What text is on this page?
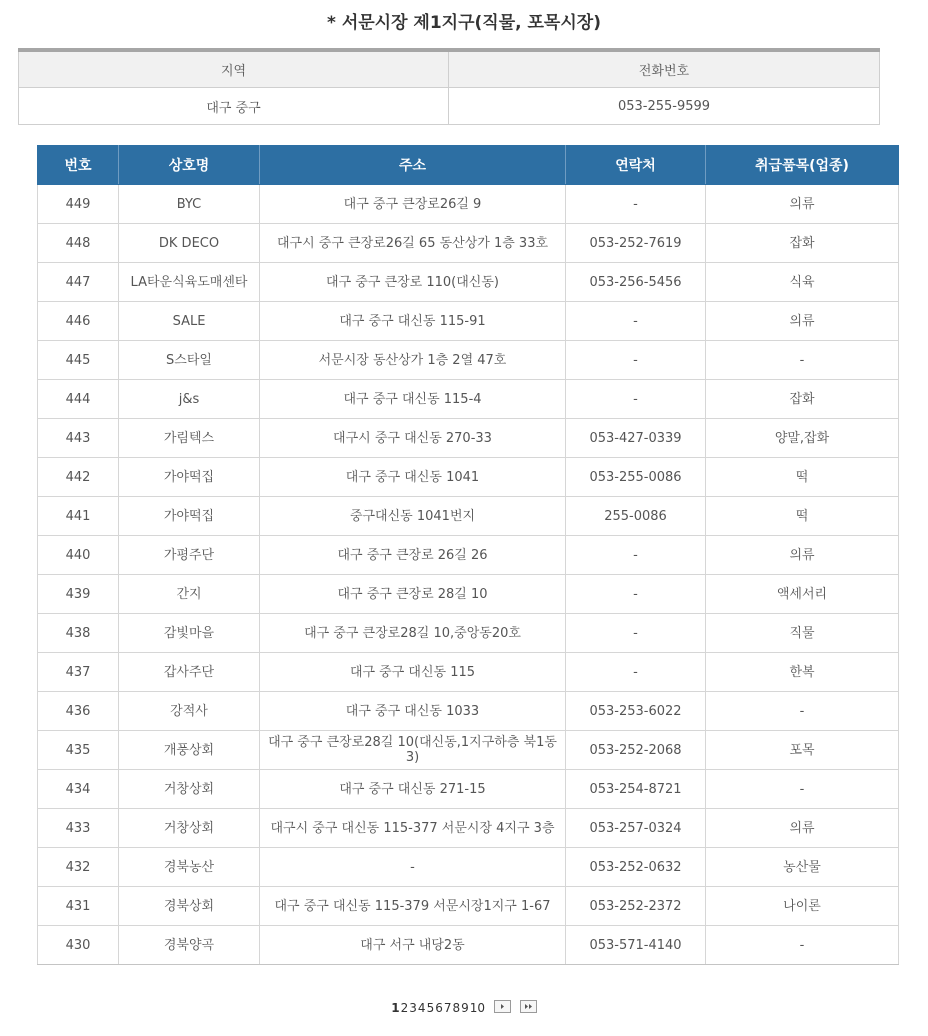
* 서문시장 제1지구(직물, 포목시장)
지역	전화번호
대구 중구	053-255-9599
번호	상호명	주소	연락처	취급품목(업종)
449	BYC	대구 중구 큰장로26길 9	-	의류
448	DK DECO	대구시 중구 큰장로26길 65 동산상가 1층 33호	053-252-7619	잡화
447	LA타운식육도매센타	대구 중구 큰장로 110(대신동)	053-256-5456	식육
446	SALE	대구 중구 대신동 115-91	-	의류
445	S스타일	서문시장 동산상가 1층 2열 47호	-	-
444	j&s	대구 중구 대신동 115-4	-	잡화
443	가림텍스	대구시 중구 대신동 270-33	053-427-0339	양말,잡화
442	가야떡집	대구 중구 대신동 1041	053-255-0086	떡
441	가야떡집	중구대신동 1041번지	255-0086	떡
440	가평주단	대구 중구 큰장로 26길 26	-	의류
439	간지	대구 중구 큰장로 28길 10	-	액세서리
438	감빛마을	대구 중구 큰장로28길 10,중앙동20호	-	직물
437	갑사주단	대구 중구 대신동 115	-	한복
436	강적사	대구 중구 대신동 1033	053-253-6022	-
435	개풍상회	대구 중구 큰장로28길 10(대신동,1지구하층 북1동3)	053-252-2068	포목
434	거창상회	대구 중구 대신동 271-15	053-254-8721	-
433	거창상회	대구시 중구 대신동 115-377 서문시장 4지구 3층	053-257-0324	의류
432	경북농산	-	053-252-0632	농산물
431	경북상회	대구 중구 대신동 115-379 서문시장1지구 1-67	053-252-2372	나이론
430	경북양곡	대구 서구 내당2동	053-571-4140	-
12345678910
